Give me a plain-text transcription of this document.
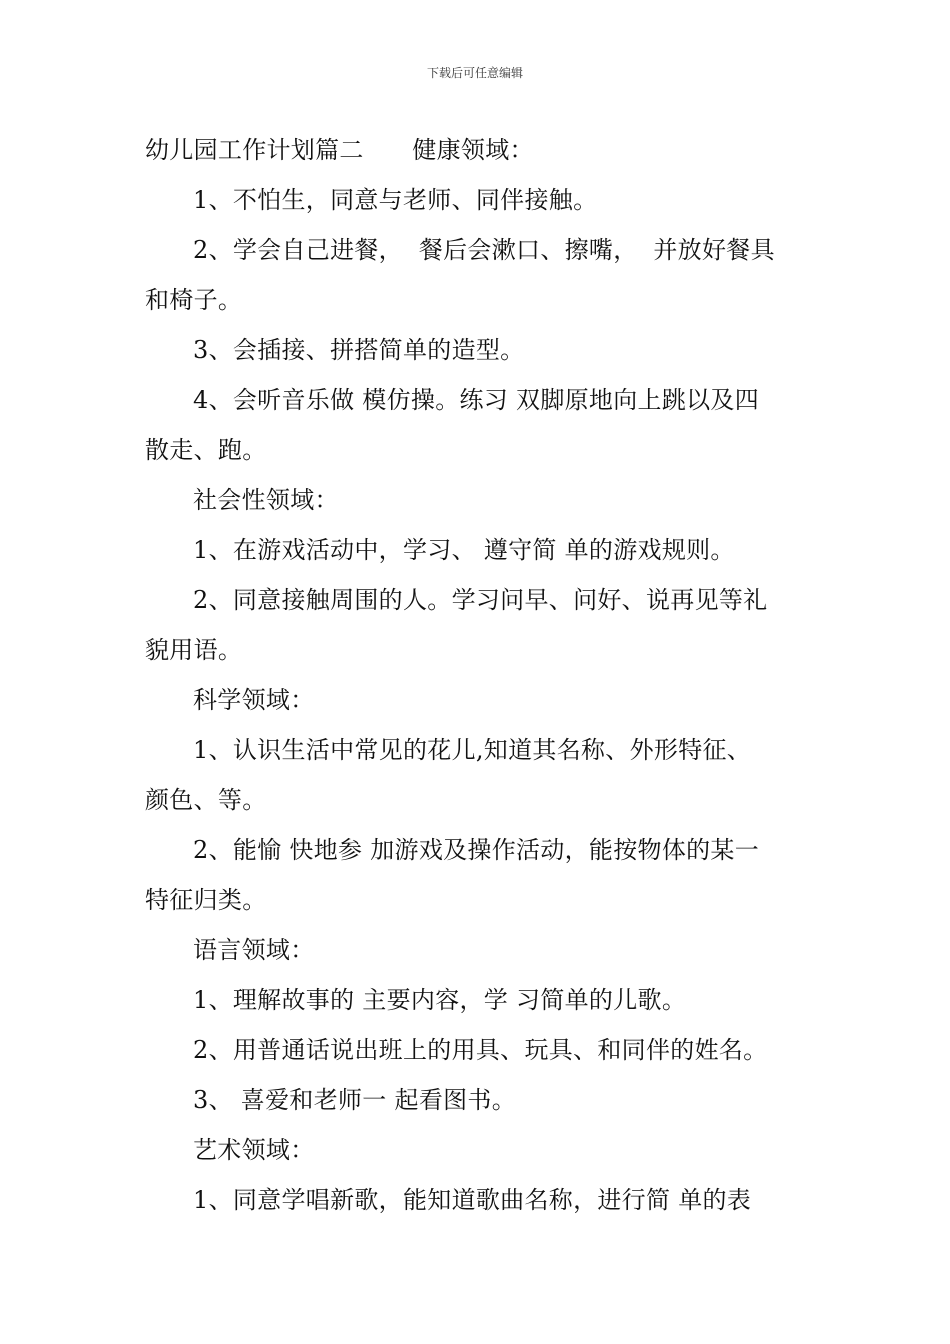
下载后可任意编辑
幼儿园工作计划篇二　　健康领域：
1、不怕生，同意与老师、同伴接触。
2、学会自己进餐，  餐后会漱口、擦嘴，  并放好餐具
和椅子。
3、会插接、拼搭简单的造型。
4、会听音乐做 模仿操。练习 双脚原地向上跳以及四
散走、跑。
社会性领域：
1、在游戏活动中，学习、 遵守简 单的游戏规则。
2、同意接触周围的人。学习问早、问好、说再见等礼
貌用语。
科学领域：
1、认识生活中常见的花儿,知道其名称、外形特征、
颜色、等。
2、能愉 快地参 加游戏及操作活动，能按物体的某一
特征归类。
语言领域：
1、理解故事的 主要内容，学 习简单的儿歌。
2、用普通话说出班上的用具、玩具、和同伴的姓名。
3、 喜爱和老师一 起看图书。
艺术领域：
1、同意学唱新歌，能知道歌曲名称，进行简 单的表
